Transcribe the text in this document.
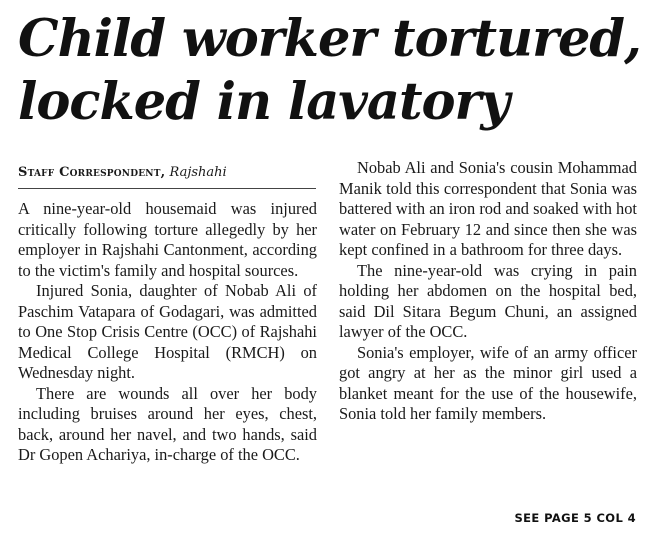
Child worker tortured,
locked in lavatory
Staff Correspondent, Rajshahi

A nine-year-old housemaid was injured critically following torture allegedly by her employer in Rajshahi Cantonment, according to the victim's family and hospital sources.

Injured Sonia, daughter of Nobab Ali of Paschim Vatapara of Godagari, was admitted to One Stop Crisis Centre (OCC) of Rajshahi Medical College Hospital (RMCH) on Wednesday night.

There are wounds all over her body including bruises around her eyes, chest, back, around her navel, and two hands, said Dr Gopen Achariya, in-charge of the OCC.

Nobab Ali and Sonia's cousin Mohammad Manik told this correspondent that Sonia was battered with an iron rod and soaked with hot water on February 12 and since then she was kept confined in a bathroom for three days.

The nine-year-old was crying in pain holding her abdomen on the hospital bed, said Dil Sitara Begum Chuni, an assigned lawyer of the OCC.

Sonia's employer, wife of an army officer got angry at her as the minor girl used a blanket meant for the use of the housewife, Sonia told her family members.

SEE PAGE 5 COL 4
